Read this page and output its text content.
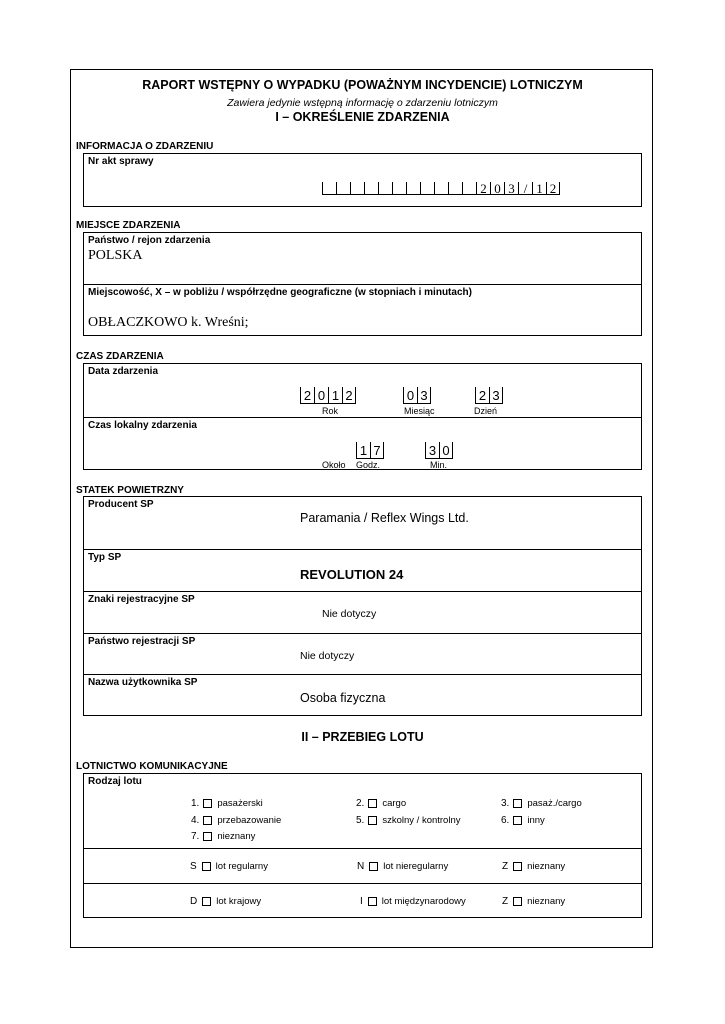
RAPORT WSTĘPNY O WYPADKU (POWAŻNYM INCYDENCIE) LOTNICZYM
Zawiera jedynie wstępną informację o zdarzeniu lotniczym
I – OKREŚLENIE ZDARZENIA
INFORMACJA O ZDARZENIU
Nr akt sprawy
2 0 3 / 1 2
MIEJSCE ZDARZENIA
Państwo / rejon zdarzenia
POLSKA
Miejscowość, X – w pobliżu / współrzędne geograficzne (w stopniach i minutach)
OBŁACZKOWO k. Wreśni;
CZAS ZDARZENIA
Data zdarzenia
2 0 1 2	0 3	2 3
Rok	Miesiąc	Dzień
Czas lokalny zdarzenia
1 7	3 0
Około Godz.	Min.
STATEK POWIETRZNY
Producent SP
Paramania / Reflex Wings Ltd.
Typ SP
REVOLUTION 24
Znaki rejestracyjne SP
Nie dotyczy
Państwo rejestracji SP
Nie dotyczy
Nazwa użytkownika SP
Osoba fizyczna
II – PRZEBIEG LOTU
LOTNICTWO KOMUNIKACYJNE
Rodzaj lotu
1. pasażerski	2. cargo	3. pasaż./cargo
4. przebazowanie	5. szkolny / kontrolny	6. inny
7. nieznany
S lot regularny	N lot nieregularny	Z nieznany
D lot krajowy	I lot międzynarodowy	Z nieznany
